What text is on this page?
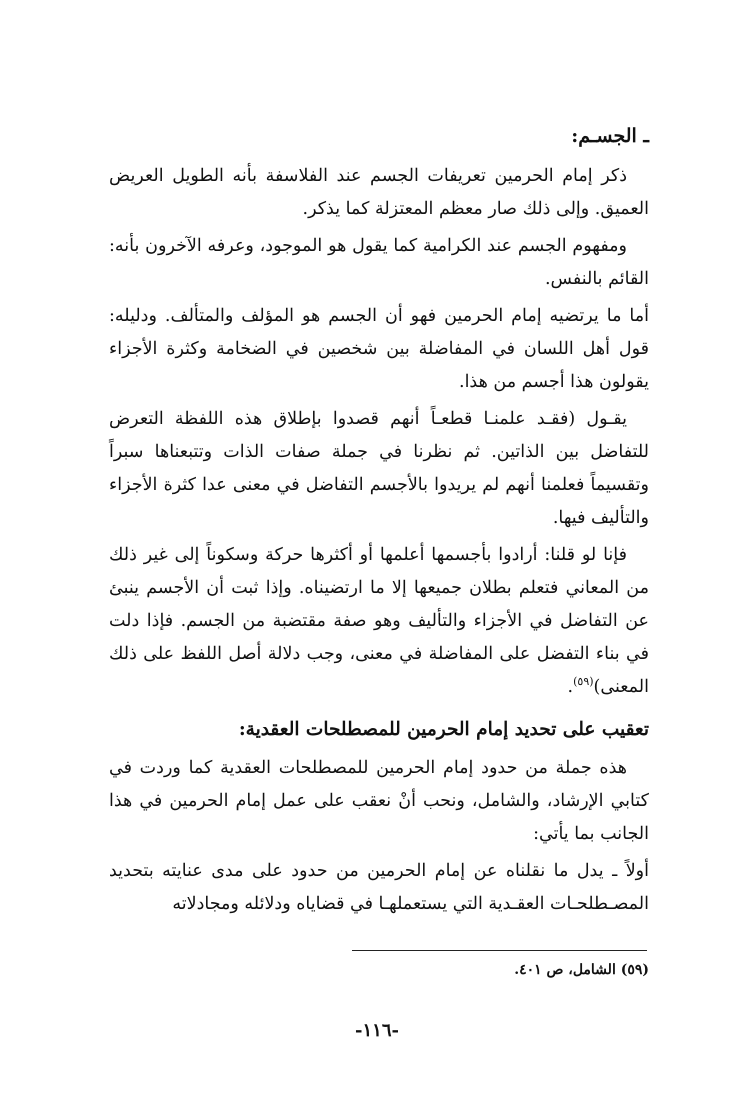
ـ الجسـم:

ذكر إمام الحرمين تعريفات الجسم عند الفلاسفة بأنه الطويل العريض العميق. وإلى ذلك صار معظم المعتزلة كما يذكر.

ومفهوم الجسم عند الكرامية كما يقول هو الموجود، وعرفه الآخرون بأنه: القائم بالنفس.

أما ما يرتضيه إمام الحرمين فهو أن الجسم هو المؤلف والمتألف. ودليله: قول أهل اللسان في المفاضلة بين شخصين في الضخامة وكثرة الأجزاء يقولون هذا أجسم من هذا.

يقـول (فقـد علمنـا قطعـاً أنهم قصدوا بإطلاق هذه اللفظة التعرض للتفاضل بين الذاتين. ثم نظرنا في جملة صفات الذات وتتبعناها سبراً وتقسيماً فعلمنا أنهم لم يريدوا بالأجسم التفاضل في معنى عدا كثرة الأجزاء والتأليف فيها.

فإنا لو قلنا: أرادوا بأجسمها أعلمها أو أكثرها حركة وسكوناً إلى غير ذلك من المعاني فتعلم بطلان جميعها إلا ما ارتضيناه. وإذا ثبت أن الأجسم ينبئ عن التفاضل في الأجزاء والتأليف وهو صفة مقتضبة من الجسم. فإذا دلت في بناء التفضل على المفاضلة في معنى، وجب دلالة أصل اللفظ على ذلك المعنى)$^{(٥٩)}$.

تعقيب على تحديد إمام الحرمين للمصطلحات العقدية:

هذه جملة من حدود إمام الحرمين للمصطلحات العقدية كما وردت في كتابي الإرشاد، والشامل، ونحب أنْ نعقب على عمل إمام الحرمين في هذا الجانب بما يأتي:

أولاً ـ يدل ما نقلناه عن إمام الحرمين من حدود على مدى عنايته بتحديد المصـطلحـات العقـدية التي يستعملهـا في قضاياه ودلائله ومجادلاته

(٥٩) الشامل، ص ٤٠١.
-١١٦-
